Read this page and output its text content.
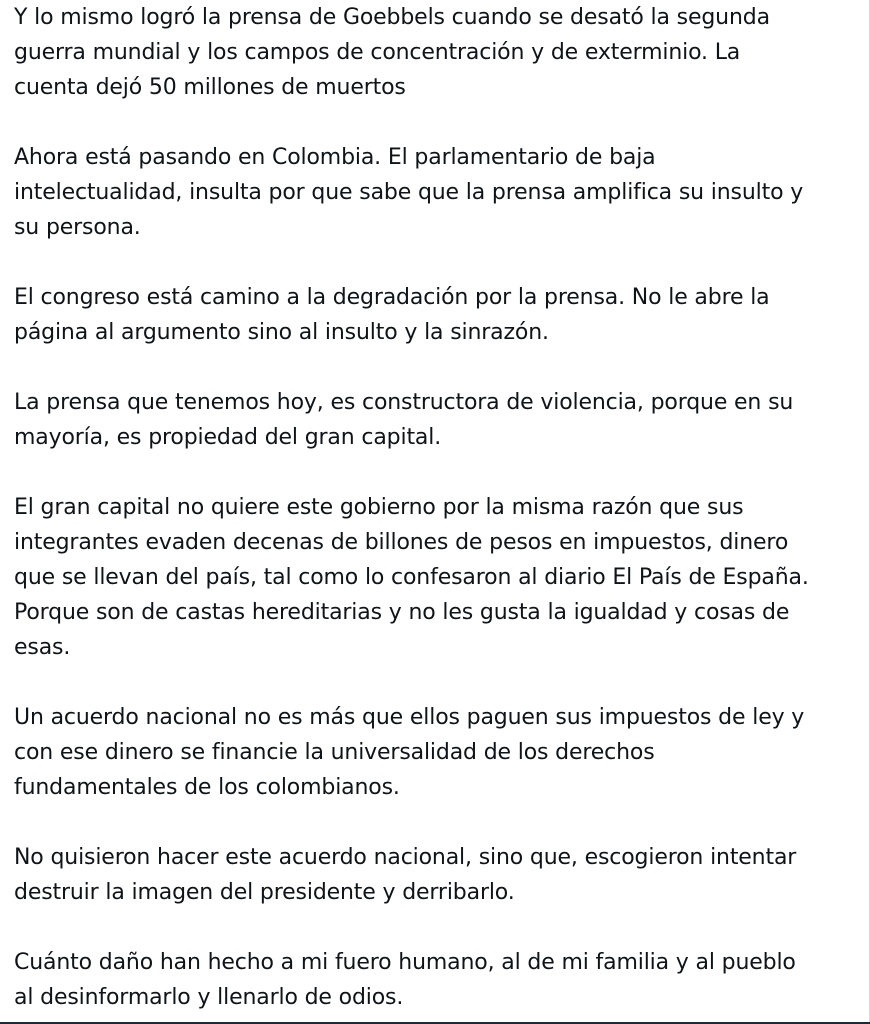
Y lo mismo logró la prensa de Goebbels cuando se desató la segunda
guerra mundial y los campos de concentración y de exterminio. La
cuenta dejó 50 millones de muertos

Ahora está pasando en Colombia. El parlamentario de baja
intelectualidad, insulta por que sabe que la prensa amplifica su insulto y
su persona.

El congreso está camino a la degradación por la prensa. No le abre la
página al argumento sino al insulto y la sinrazón.

La prensa que tenemos hoy, es constructora de violencia, porque en su
mayoría, es propiedad del gran capital.

El gran capital no quiere este gobierno por la misma razón que sus
integrantes evaden decenas de billones de pesos en impuestos, dinero
que se llevan del país, tal como lo confesaron al diario El País de España.
Porque son de castas hereditarias y no les gusta la igualdad y cosas de
esas.

Un acuerdo nacional no es más que ellos paguen sus impuestos de ley y
con ese dinero se financie la universalidad de los derechos
fundamentales de los colombianos.

No quisieron hacer este acuerdo nacional, sino que, escogieron intentar
destruir la imagen del presidente y derribarlo.

Cuánto daño han hecho a mi fuero humano, al de mi familia y al pueblo
al desinformarlo y llenarlo de odios.
